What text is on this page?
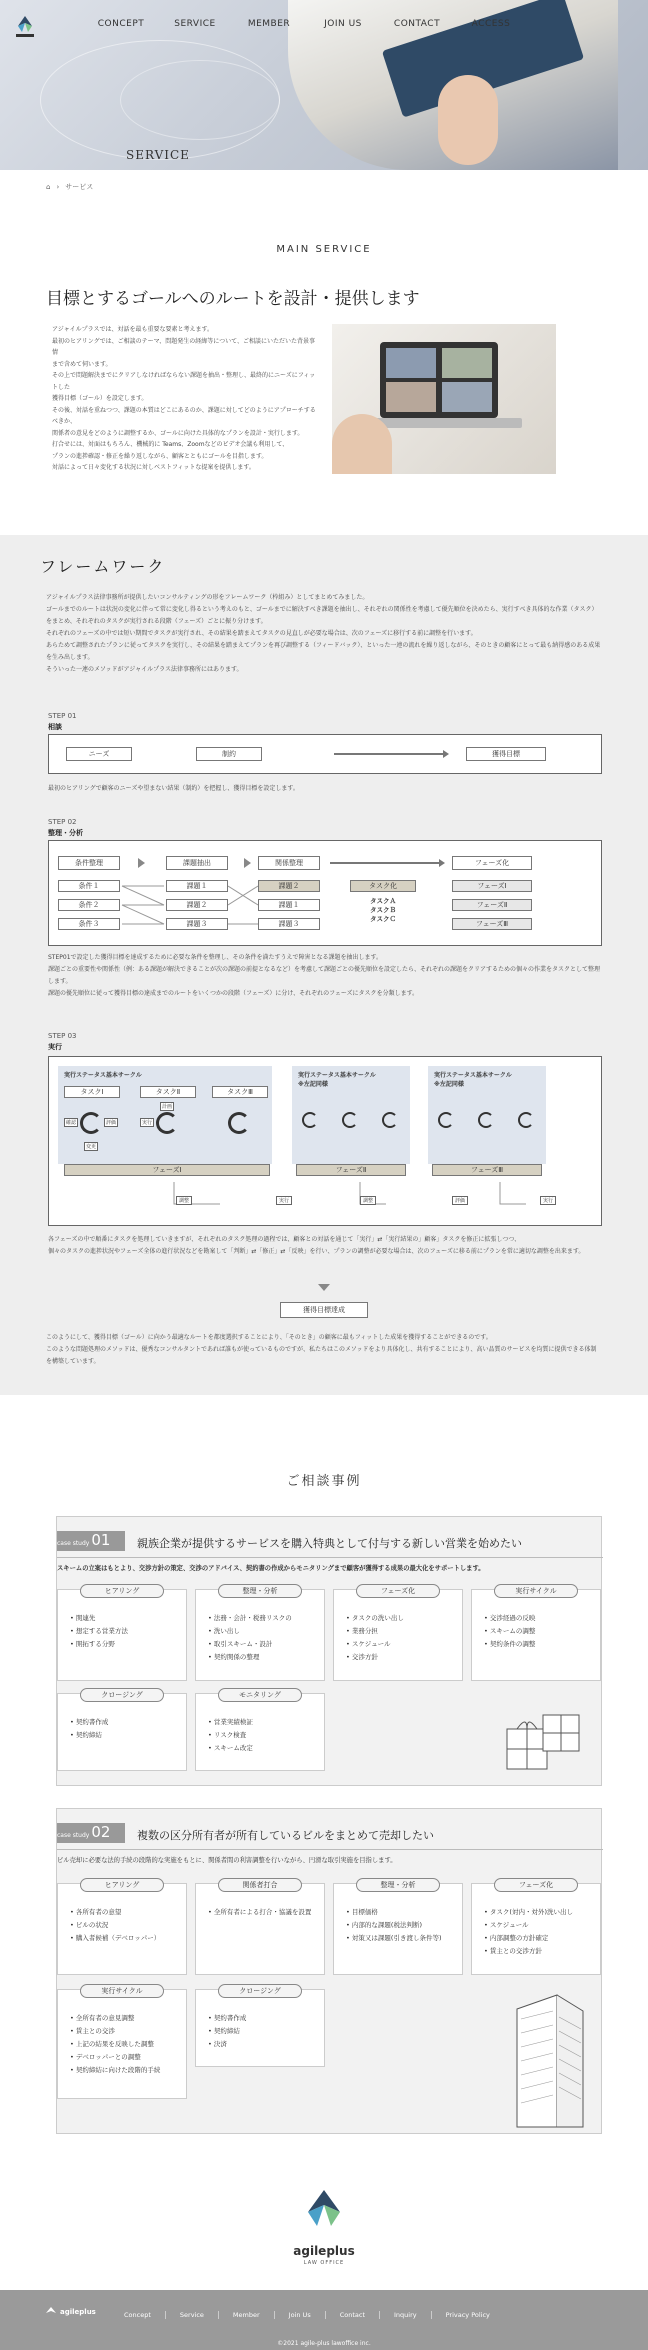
CONCEPT	SERVICE	MEMBER	JOIN US	CONTACT	ACCESS
SERVICE
⌂ › サービス
MAIN SERVICE
目標とするゴールへのルートを設計・提供します
アジャイルプラスでは、対話を最も重要な要素と考えます。
最初のヒアリングでは、ご相談のテーマ、問題発生の経緯等について、ご相談にいただいた背景事情
まで含めて伺います。
その上で問題解決までにクリアしなければならない課題を抽出・整理し、最終的にニーズにフィットした
獲得目標（ゴール）を設定します。
その後、対話を重ねつつ、課題の本質はどこにあるのか、課題に対してどのようにアプローチするべきか、
関係者の意見をどのように調整するか、ゴールに向けた具体的なプランを設計・実行します。
打合せには、対面はもちろん、機械的に Teams、Zoomなどのビデオ会議も利用して、
プランの進捗確認・修正を繰り返しながら、顧客とともにゴールを目指します。
対話によって日々変化する状況に対しベストフィットな提案を提供します。
フレームワーク
アジャイルプラス法律事務所が提供したいコンサルティングの形をフレームワーク（枠組み）としてまとめてみました。
ゴールまでのルートは状況の変化に伴って常に変化し得るという考えのもと、ゴールまでに解決すべき課題を抽出し、それぞれの関係性を考慮して優先順位を決めたら、実行すべき具体的な作業（タスク）をまとめ、それぞれのタスクが実行される段階（フェーズ）ごとに振り分けます。
それぞれのフェーズの中では短い期間でタスクが実行され、その結果を踏まえてタスクの見直しが必要な場合は、次のフェーズに移行する前に調整を行います。
あらためて調整されたプランに従ってタスクを実行し、その結果を踏まえてプランを再び調整する（フィードバック）、といった一連の流れを繰り返しながら、そのときの顧客にとって最も納得感のある成果を生み出します。
そういった一連のメソッドがアジャイルプラス法律事務所にはあります。
STEP 01
相談
ニーズ	制約	獲得目標
最初のヒアリングで顧客のニーズや望まない結果（制約）を把握し、獲得目標を設定します。
STEP 02
整理・分析
条件整理	課題抽出	関係整理	フェーズ化
条件１
条件２
条件３
課題１
課題２
課題３
課題２
課題１
課題３
タスク化
タスクＡ
タスクＢ
タスクＣ
フェーズⅠ
フェーズⅡ
フェーズⅢ
STEP01で設定した獲得目標を達成するために必要な条件を整理し、その条件を満たすうえで障害となる課題を抽出します。
課題ごとの重要性や関係性（例：ある課題が解決できることが次の課題の前提となるなど）を考慮して課題ごとの優先順位を設定したら、それぞれの課題をクリアするための個々の作業をタスクとして整理します。
課題の優先順位に従って獲得目標の達成までのルートをいくつかの段階（フェーズ）に分け、それぞれのフェーズにタスクを分類します。
STEP 03
実行
実行ステータス基本サークル
タスクⅠ	タスクⅡ	タスクⅢ
確認	評価
変更
計画
実行
実行ステータス基本サークル
※左記同様
実行ステータス基本サークル
※左記同様
フェーズⅠ	フェーズⅡ	フェーズⅢ
調整	実行	調整	評価	実行
各フェーズの中で順番にタスクを処理していきますが、それぞれのタスク処理の過程では、顧客との対話を通じて「実行」⇄「実行結果の」顧客」タスクを修正に拡張しつつ、
個々のタスクの進捗状況やフェーズ全体の進行状況などを勘案して「判断」⇄「修正」⇄「反映」を行い、プランの調整が必要な場合は、次のフェーズに移る前にプランを常に適切な調整を出来ます。
獲得目標達成
このようにして、獲得目標（ゴール）に向かう最適なルートを都度選択することにより、「そのとき」の顧客に最もフィットした成果を獲得することができるのです。
このような問題処理のメソッドは、優秀なコンサルタントであれば誰もが使っているものですが、私たちはこのメソッドをより具体化し、共有することにより、高い品質のサービスを均質に提供できる体制を構築しています。
ご相談事例
case study 01	親族企業が提供するサービスを購入特典として付与する新しい営業を始めたい
スキームの立案はもとより、交渉方針の策定、交渉のアドバイス、契約書の作成からモニタリングまで顧客が獲得する成果の最大化をサポートします。
ヒアリング
• 関連先
• 想定する営業方法
• 開拓する分野
整理・分析
• 法務・会計・税務リスクの
• 洗い出し
• 取引スキーム・設計
• 契約関係の整理
フェーズ化
• タスクの洗い出し
• 業務分担
• スケジュール
• 交渉方針
実行サイクル
• 交渉経過の反映
• スキームの調整
• 契約条件の調整
クロージング
• 契約書作成
• 契約締結
モニタリング
• 営業実績検証
• リスク検査
• スキーム改定
case study 02	複数の区分所有者が所有しているビルをまとめて売却したい
ビル売却に必要な法的手続の段階的な実施をもとに、関係者間の利害調整を行いながら、円滑な取引実施を目指します。
ヒアリング
• 各所有者の意望
• ビルの状況
• 購入者候補（デベロッパー）
関係者打合
• 全所有者による打合・協議を設置
整理・分析
• 目標価格
• 内部的な課題(税法判断)
• 対策又は課題(引き渡し条件等)
フェーズ化
• タスク(対内・対外)洗い出し
• スケジュール
• 内部調整の方針確定
• 賃主との交渉方針
実行サイクル
• 全所有者の意見調整
• 賃主との交渉
• 上記の結果を反映した調整
• デベロッパーとの調整
• 契約締結に向けた段階的手続
クロージング
• 契約書作成
• 契約締結
• 決済
agileplus
LAW OFFICE
agileplus	Concept	Service	Member	Join Us	Contact	Inquiry	Privacy Policy
©2021 agile-plus lawoffice inc.
